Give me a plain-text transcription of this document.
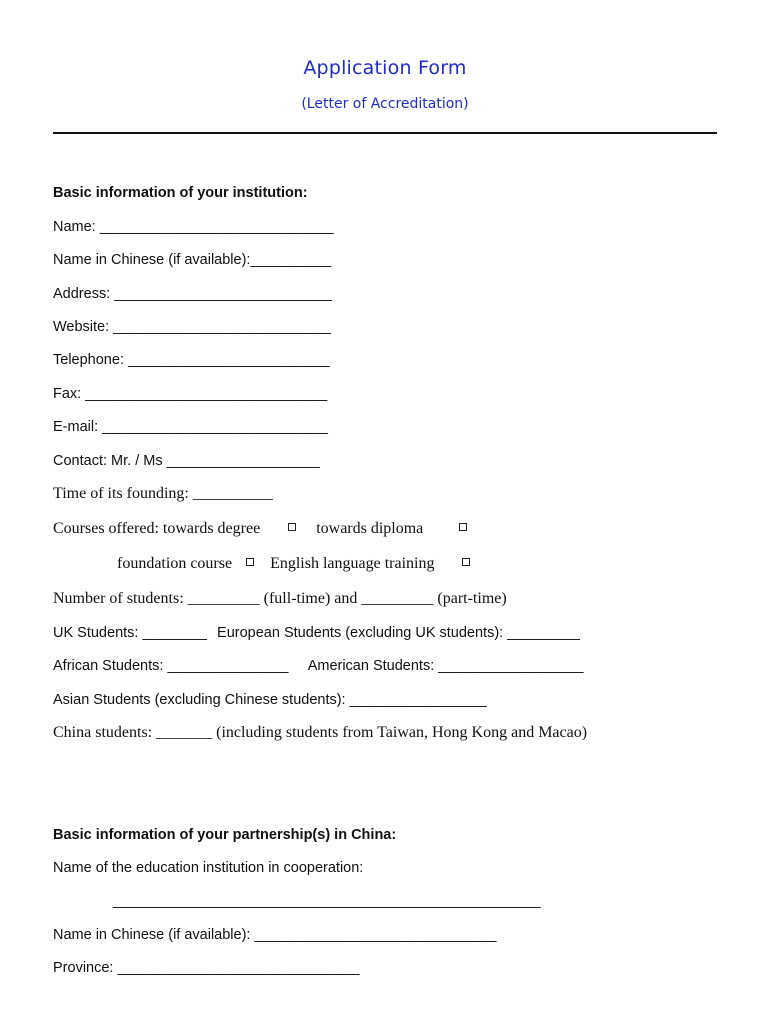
Application Form
(Letter of Accreditation)
Basic information of your institution:
Name: _____________________________
Name in Chinese (if available):__________
Address: ___________________________
Website: ___________________________
Telephone: _________________________
Fax: ______________________________
E-mail: ____________________________
Contact: Mr. / Ms ___________________
Time of its founding: __________
Courses offered: towards degree	towards diploma
foundation course English language training
Number of students: _________ (full-time) and _________ (part-time)
UK Students: ________ European Students (excluding UK students): _________
African Students: _______________ American Students: __________________
Asian Students (excluding Chinese students): _________________
China students: _______ (including students from Taiwan, Hong Kong and Macao)
Basic information of your partnership(s) in China:
Name of the education institution in cooperation:
_____________________________________________________
Name in Chinese (if available): ______________________________
Province: ______________________________
